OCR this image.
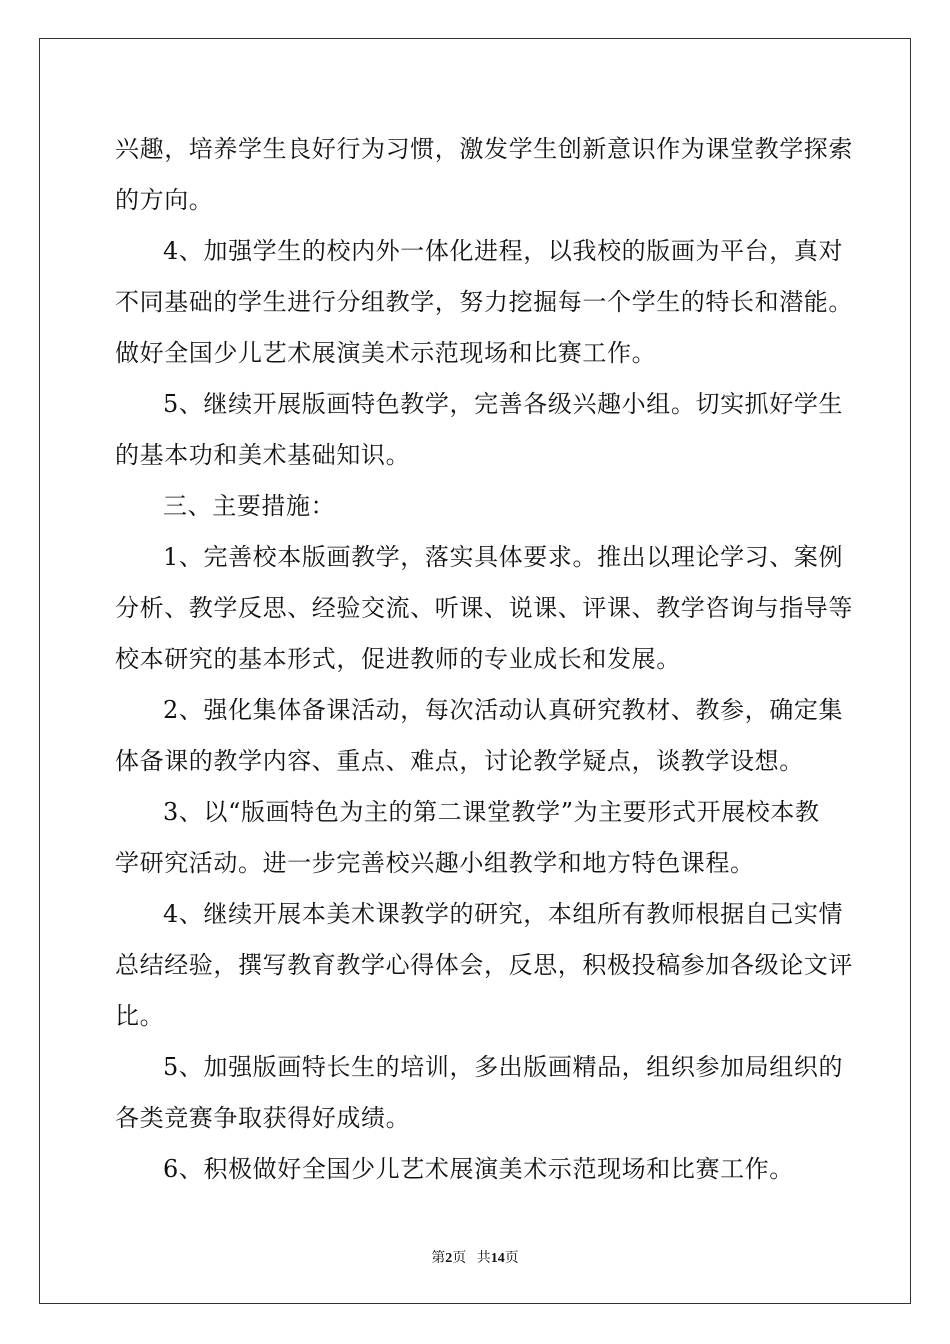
兴趣，培养学生良好行为习惯，激发学生创新意识作为课堂教学探索
的方向。
4、加强学生的校内外一体化进程，以我校的版画为平台，真对
不同基础的学生进行分组教学，努力挖掘每一个学生的特长和潜能。
做好全国少儿艺术展演美术示范现场和比赛工作。
5、继续开展版画特色教学，完善各级兴趣小组。切实抓好学生
的基本功和美术基础知识。
三、主要措施：
1、完善校本版画教学，落实具体要求。推出以理论学习、案例
分析、教学反思、经验交流、听课、说课、评课、教学咨询与指导等
校本研究的基本形式，促进教师的专业成长和发展。
2、强化集体备课活动，每次活动认真研究教材、教参，确定集
体备课的教学内容、重点、难点，讨论教学疑点，谈教学设想。
3、以“版画特色为主的第二课堂教学”为主要形式开展校本教
学研究活动。进一步完善校兴趣小组教学和地方特色课程。
4、继续开展本美术课教学的研究，本组所有教师根据自己实情
总结经验，撰写教育教学心得体会，反思，积极投稿参加各级论文评
比。
5、加强版画特长生的培训，多出版画精品，组织参加局组织的
各类竞赛争取获得好成绩。
6、积极做好全国少儿艺术展演美术示范现场和比赛工作。
第2页   共14页
